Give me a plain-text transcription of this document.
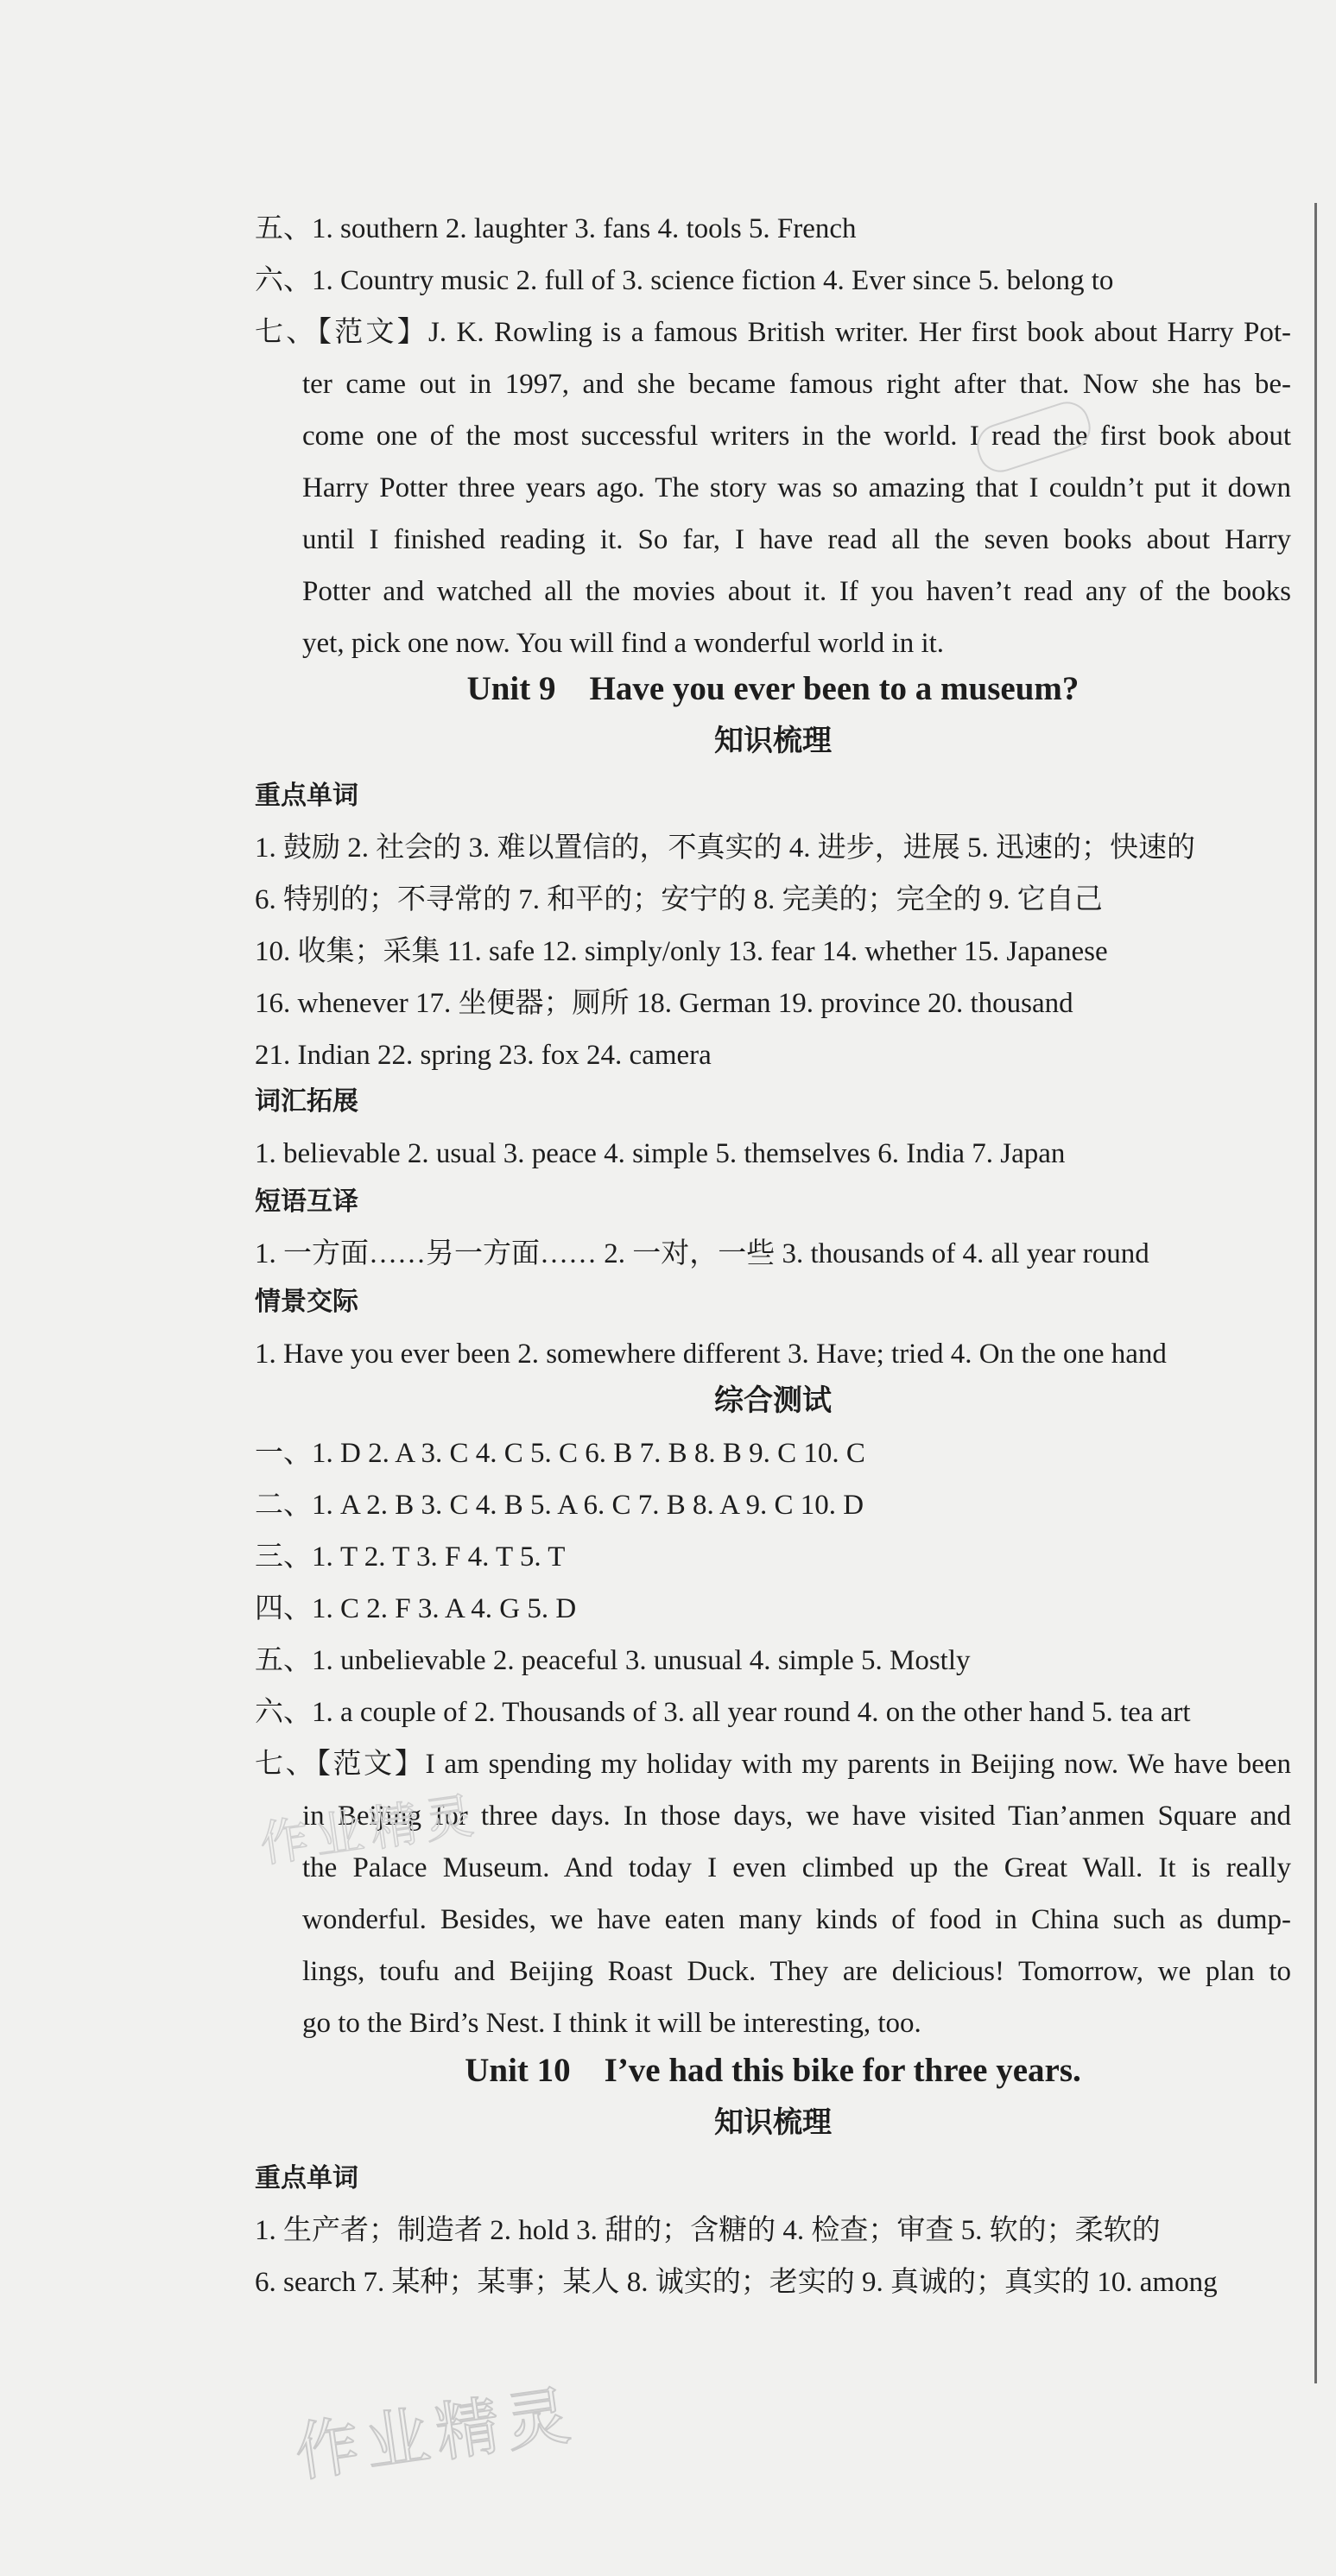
五、1. southern 2. laughter 3. fans 4. tools 5. French
六、1. Country music 2. full of 3. science fiction 4. Ever since 5. belong to
七、【范文】J. K. Rowling is a famous British writer. Her first book about Harry Pot-
ter came out in 1997, and she became famous right after that. Now she has be-
come one of the most successful writers in the world. I read the first book about
Harry Potter three years ago. The story was so amazing that I couldn’t put it down
until I finished reading it. So far, I have read all the seven books about Harry
Potter and watched all the movies about it. If you haven’t read any of the books
yet, pick one now. You will find a wonderful world in it.
Unit 9    Have you ever been to a museum?
知识梳理
重点单词
1. 鼓励 2. 社会的 3. 难以置信的，不真实的 4. 进步，进展 5. 迅速的；快速的
6. 特别的；不寻常的 7. 和平的；安宁的 8. 完美的；完全的 9. 它自己
10. 收集；采集 11. safe 12. simply/only 13. fear 14. whether 15. Japanese
16. whenever 17. 坐便器；厕所 18. German 19. province 20. thousand
21. Indian 22. spring 23. fox 24. camera
词汇拓展
1. believable 2. usual 3. peace 4. simple 5. themselves 6. India 7. Japan
短语互译
1. 一方面……另一方面…… 2. 一对，一些 3. thousands of 4. all year round
情景交际
1. Have you ever been 2. somewhere different 3. Have; tried 4. On the one hand
综合测试
一、1. D 2. A 3. C 4. C 5. C 6. B 7. B 8. B 9. C 10. C
二、1. A 2. B 3. C 4. B 5. A 6. C 7. B 8. A 9. C 10. D
三、1. T 2. T 3. F 4. T 5. T
四、1. C 2. F 3. A 4. G 5. D
五、1. unbelievable 2. peaceful 3. unusual 4. simple 5. Mostly
六、1. a couple of 2. Thousands of 3. all year round 4. on the other hand 5. tea art
七、【范文】I am spending my holiday with my parents in Beijing now. We have been
in Beijing for three days. In those days, we have visited Tian’anmen Square and
the Palace Museum. And today I even climbed up the Great Wall. It is really
wonderful. Besides, we have eaten many kinds of food in China such as dump-
lings, toufu and Beijing Roast Duck. They are delicious! Tomorrow, we plan to
go to the Bird’s Nest. I think it will be interesting, too.
作业精灵
Unit 10    I’ve had this bike for three years.
知识梳理
重点单词
1. 生产者；制造者 2. hold 3. 甜的；含糖的 4. 检查；审查 5. 软的；柔软的
6. search 7. 某种；某事；某人 8. 诚实的；老实的 9. 真诚的；真实的 10. among
作业精灵
